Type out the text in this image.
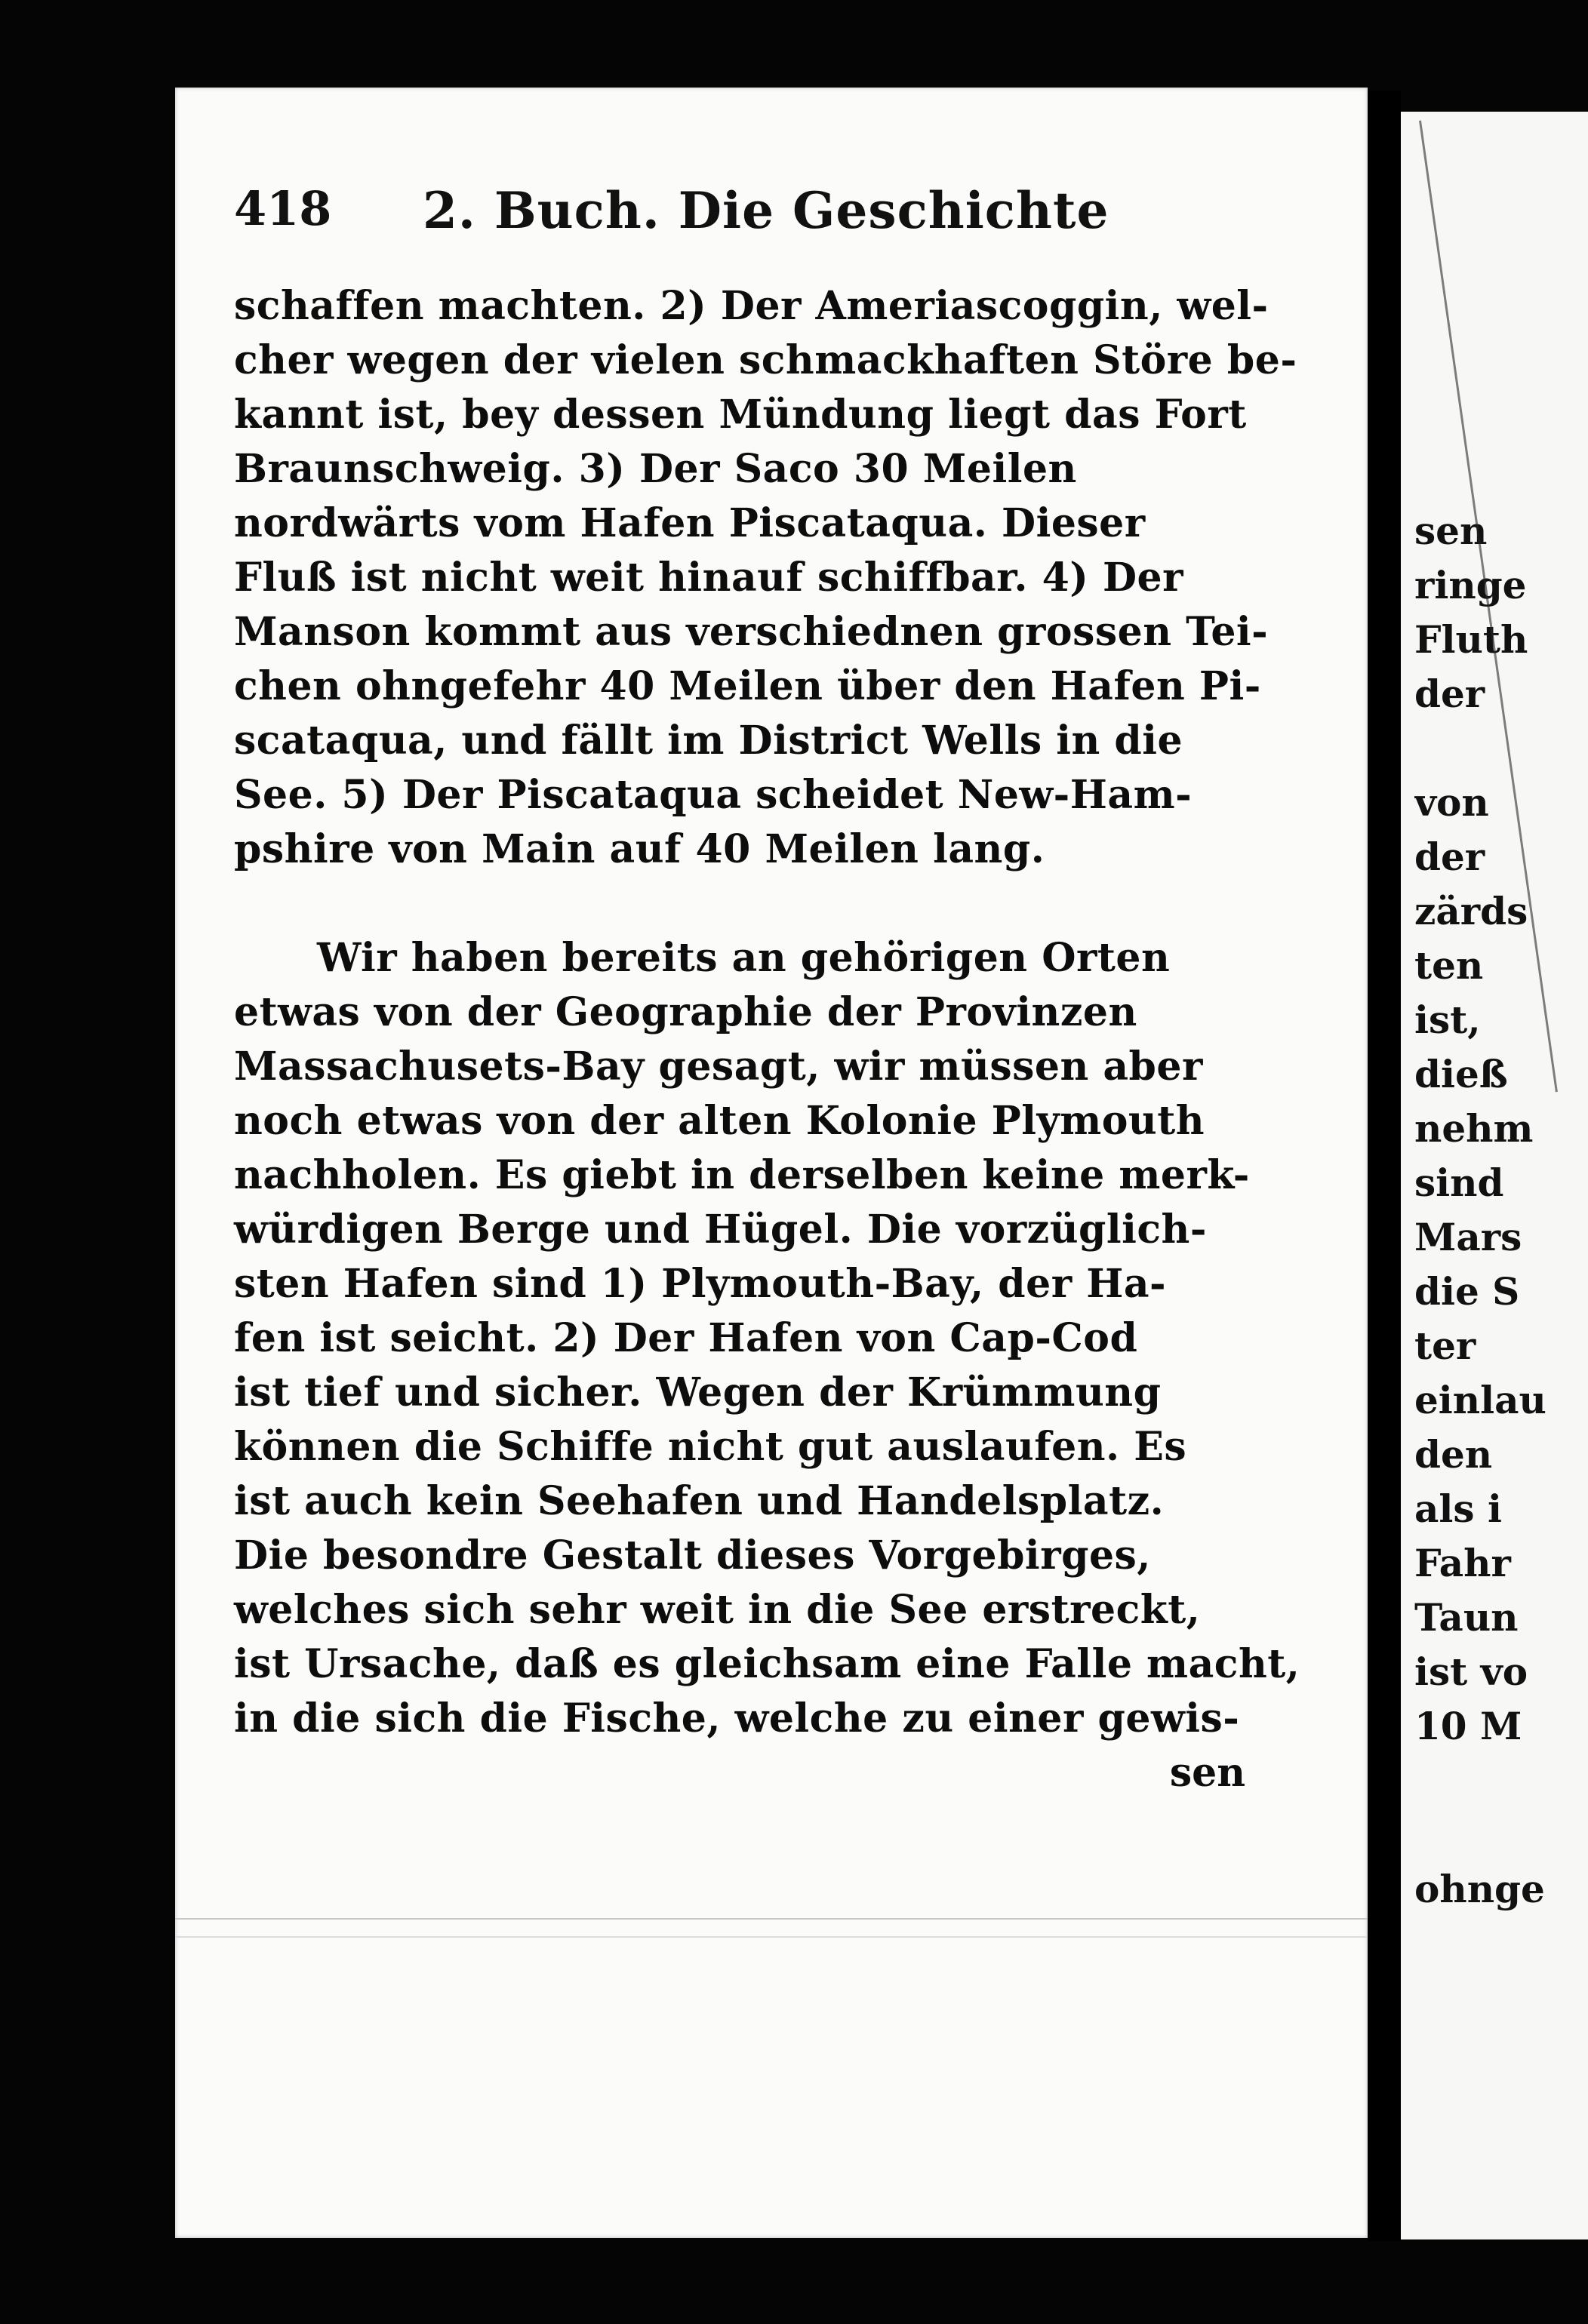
sen
ringe
Fluth
der
von
der
zärds
ten
ist,
dieß
nehm
sind
Mars
die S
ter
einlau
den
als i
Fahr
Taun
ist vo
10 M
ohnge
418 2. Buch. Die Geschichte
schaffen machten. 2) Der Ameriascoggin, wel-
cher wegen der vielen schmackhaften Störe be-
kannt ist, bey dessen Mündung liegt das Fort
Braunschweig. 3) Der Saco 30 Meilen
nordwärts vom Hafen Piscataqua. Dieser
Fluß ist nicht weit hinauf schiffbar. 4) Der
Manson kommt aus verschiednen grossen Tei-
chen ohngefehr 40 Meilen über den Hafen Pi-
scataqua, und fällt im District Wells in die
See. 5) Der Piscataqua scheidet New-Ham-
pshire von Main auf 40 Meilen lang.
Wir haben bereits an gehörigen Orten
etwas von der Geographie der Provinzen
Massachusets-Bay gesagt, wir müssen aber
noch etwas von der alten Kolonie Plymouth
nachholen. Es giebt in derselben keine merk-
würdigen Berge und Hügel. Die vorzüglich-
sten Hafen sind 1) Plymouth-Bay, der Ha-
fen ist seicht. 2) Der Hafen von Cap-Cod
ist tief und sicher. Wegen der Krümmung
können die Schiffe nicht gut auslaufen. Es
ist auch kein Seehafen und Handelsplatz.
Die besondre Gestalt dieses Vorgebirges,
welches sich sehr weit in die See erstreckt,
ist Ursache, daß es gleichsam eine Falle macht,
in die sich die Fische, welche zu einer gewis-
sen
